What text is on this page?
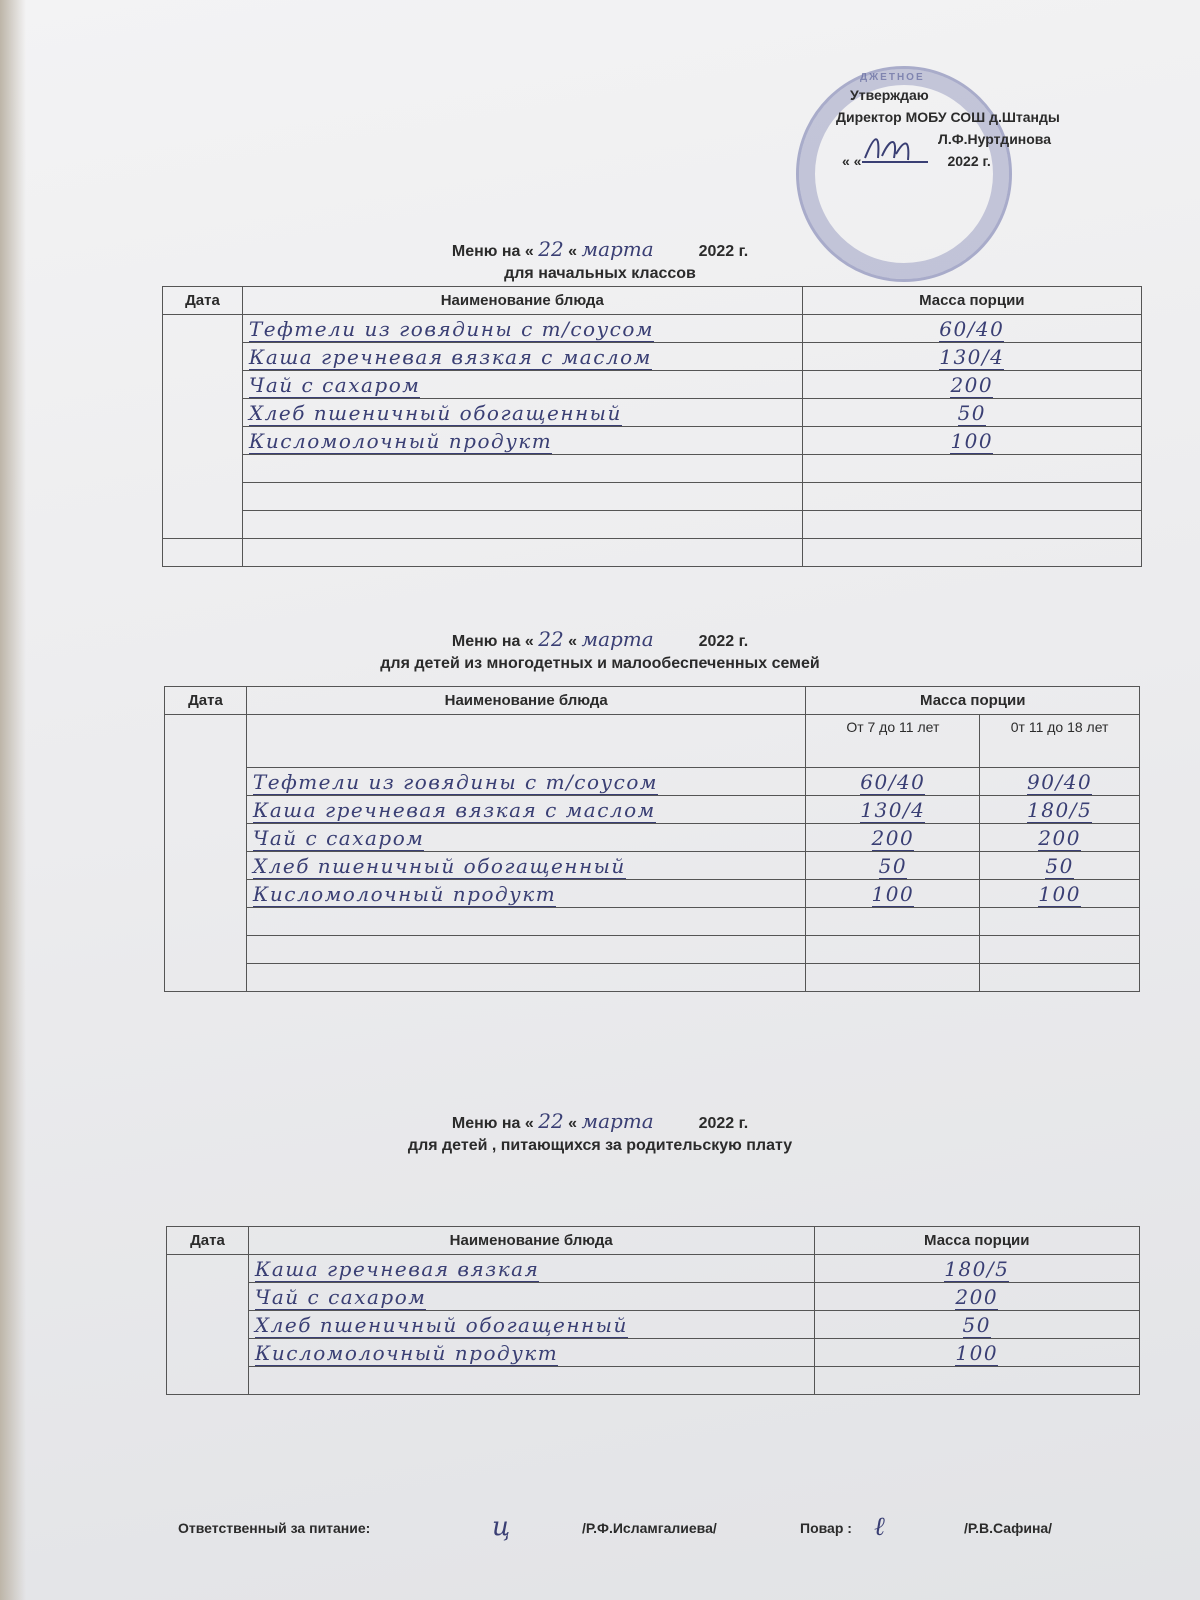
ДЖЕТНОЕ
Утверждаю
Директор МОБУ СОШ д.Штанды
Л.Ф.Нуртдинова
« «	2022 г.
Меню на « 22 « марта	2022 г.
для начальных классов
Дата	Наименование блюда	Масса порции
	Тефтели из говядины с т/соусом	60/40
	Каша гречневая вязкая с маслом	130/4
	Чай с сахаром	200
	Хлеб пшеничный обогащенный	50
	Кисломолочный продукт	100

Меню на « 22 « марта	2022 г.
для детей из многодетных и малообеспеченных семей
Дата	Наименование блюда	Масса порции	
		От 7 до 11 лет	0т 11 до 18 лет
	Тефтели из говядины с т/соусом	60/40	90/40
	Каша гречневая вязкая с маслом	130/4	180/5
	Чай с сахаром	200	200
	Хлеб пшеничный обогащенный	50	50
	Кисломолочный продукт	100	100

Меню на « 22 « марта	2022 г.
для детей , питающихся за родительскую плату
Дата	Наименование блюда	Масса порции
	Каша гречневая вязкая	180/5
	Чай с сахаром	200
	Хлеб пшеничный обогащенный	50
	Кисломолочный продукт	100

Ответственный за питание:	ц	/Р.Ф.Исламгалиева/	Повар : ℓ	/Р.В.Сафина/
